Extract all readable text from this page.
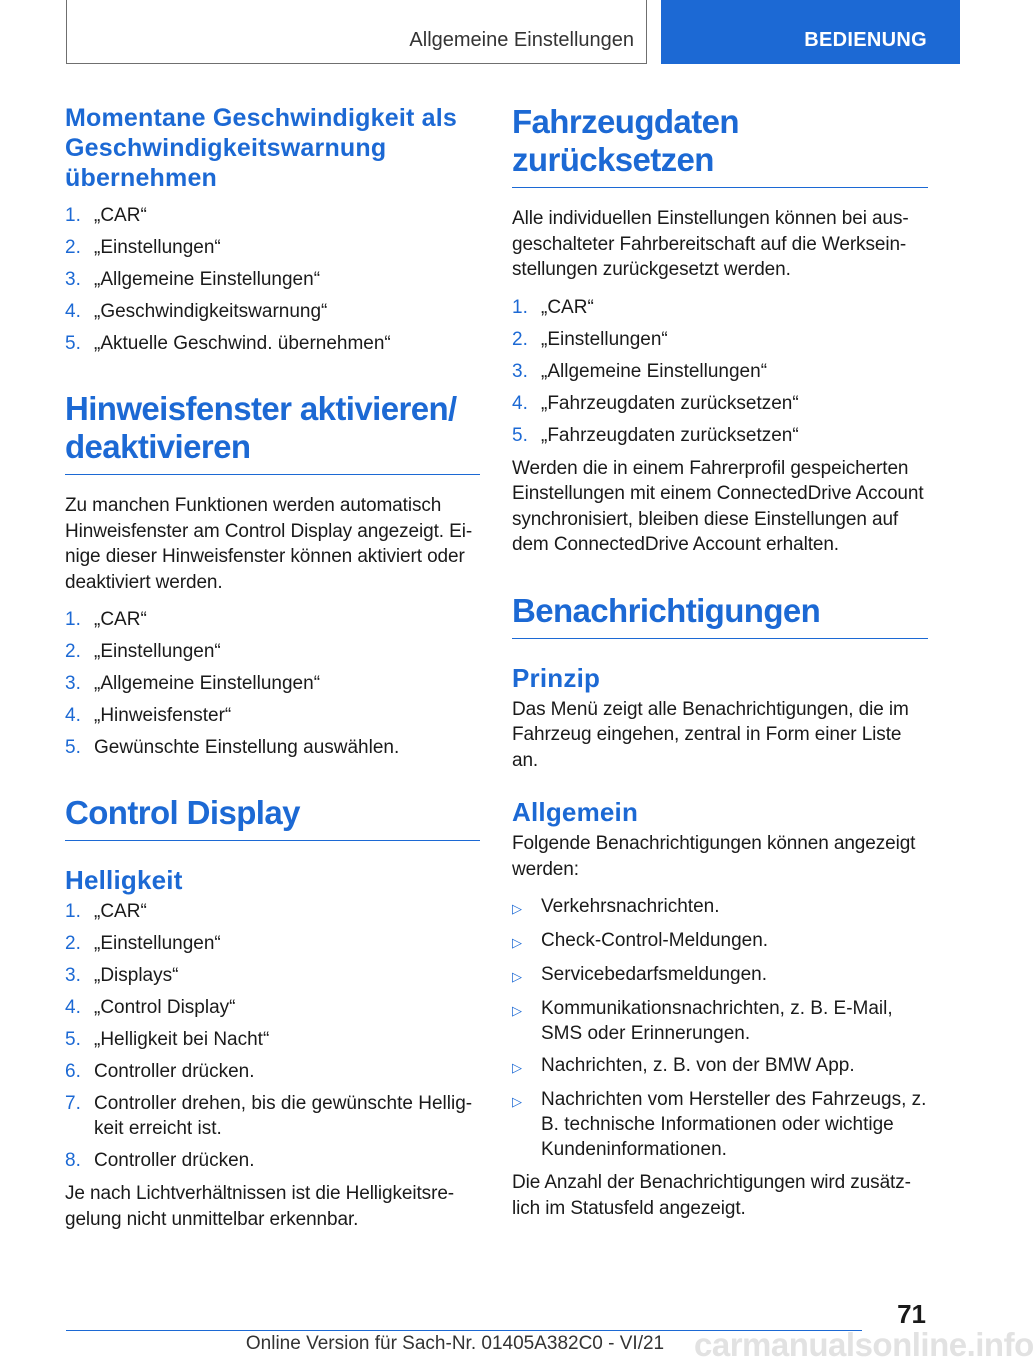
Allgemeine Einstellungen	BEDIENUNG
Momentane Geschwindigkeit als Geschwindigkeitswarnung übernehmen
1. „CAR“
2. „Einstellungen“
3. „Allgemeine Einstellungen“
4. „Geschwindigkeitswarnung“
5. „Aktuelle Geschwind. übernehmen“
Hinweisfenster aktivieren/ deaktivieren

Zu manchen Funktionen werden automatisch Hinweisfenster am Control Display angezeigt. Einige dieser Hinweisfenster können aktiviert oder deaktiviert werden.

1. „CAR“
2. „Einstellungen“
3. „Allgemeine Einstellungen“
4. „Hinweisfenster“
5. Gewünschte Einstellung auswählen.
Control Display
Helligkeit
1. „CAR“
2. „Einstellungen“
3. „Displays“
4. „Control Display“
5. „Helligkeit bei Nacht“
6. Controller drücken.
7. Controller drehen, bis die gewünschte Helligkeit erreicht ist.
8. Controller drücken.

Je nach Lichtverhältnissen ist die Helligkeitsregelung nicht unmittelbar erkennbar.

Fahrzeugdaten zurücksetzen

Alle individuellen Einstellungen können bei ausgeschalteter Fahrbereitschaft auf die Werkseinstellungen zurückgesetzt werden.

1. „CAR“
2. „Einstellungen“
3. „Allgemeine Einstellungen“
4. „Fahrzeugdaten zurücksetzen“
5. „Fahrzeugdaten zurücksetzen“

Werden die in einem Fahrerprofil gespeicherten Einstellungen mit einem ConnectedDrive Account synchronisiert, bleiben diese Einstellungen auf dem ConnectedDrive Account erhalten.

Benachrichtigungen
Prinzip

Das Menü zeigt alle Benachrichtigungen, die im Fahrzeug eingehen, zentral in Form einer Liste an.

Allgemein

Folgende Benachrichtigungen können angezeigt werden:

▷	Verkehrsnachrichten.
▷	Check-Control-Meldungen.
▷	Servicebedarfsmeldungen.
▷	Kommunikationsnachrichten, z. B. E-Mail, SMS oder Erinnerungen.
▷	Nachrichten, z. B. von der BMW App.
▷	Nachrichten vom Hersteller des Fahrzeugs, z. B. technische Informationen oder wichtige Kundeninformationen.

Die Anzahl der Benachrichtigungen wird zusätzlich im Statusfeld angezeigt.

71
carmanualsonline.info
Online Version für Sach-Nr. 01405A382C0 - VI/21
